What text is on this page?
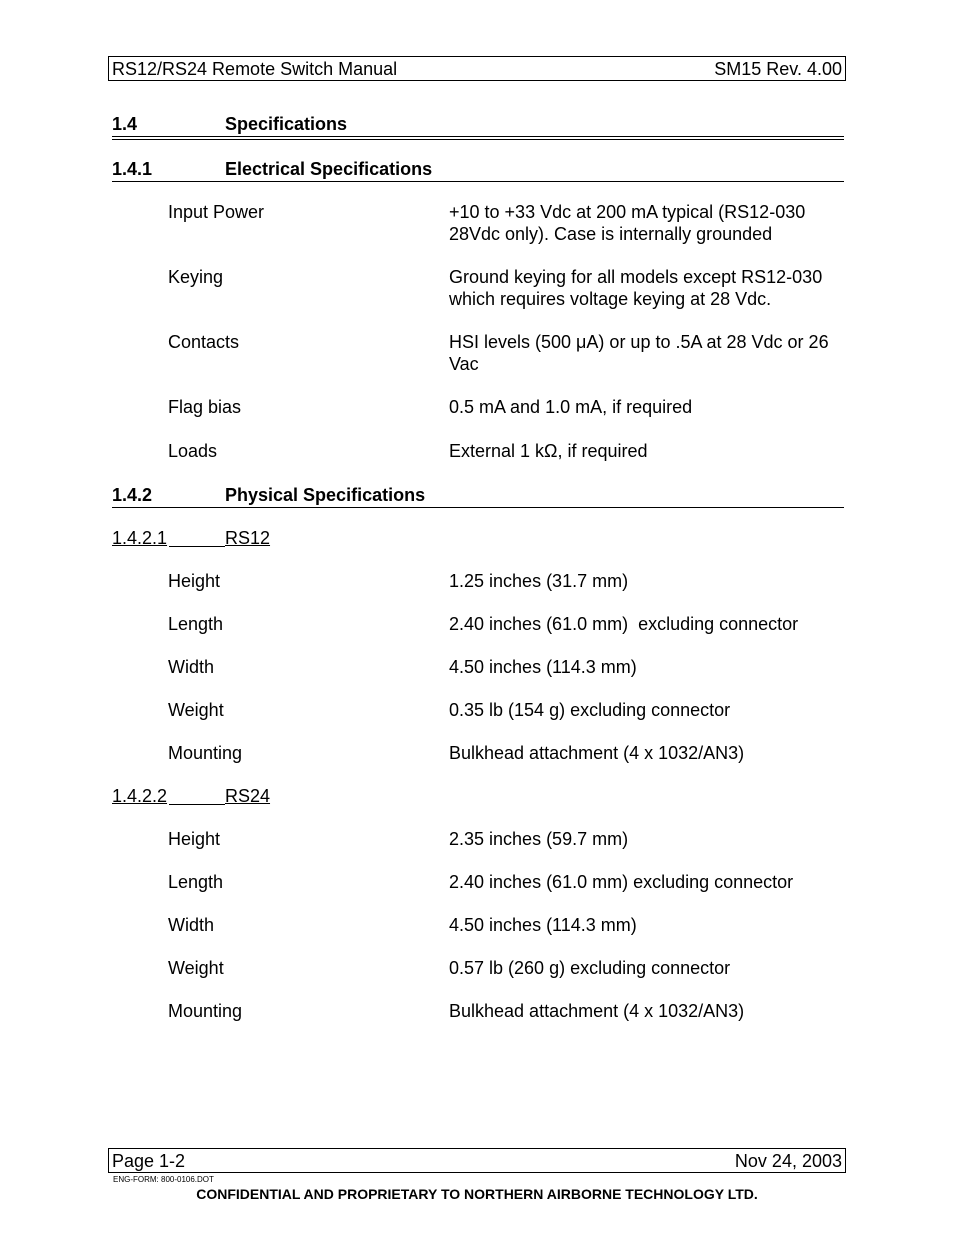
RS12/RS24 Remote Switch Manual	SM15 Rev. 4.00
1.4	Specifications
1.4.1	Electrical Specifications
Input Power	+10 to +33 Vdc at 200 mA typical (RS12-030 28Vdc only). Case is internally grounded
Keying	Ground keying for all models except RS12-030 which requires voltage keying at 28 Vdc.
Contacts	HSI levels (500 μA) or up to .5A at 28 Vdc or 26 Vac
Flag bias	0.5 mA and 1.0 mA, if required
Loads	External 1 kΩ, if required
1.4.2	Physical Specifications
1.4.2.1	RS12
Height	1.25 inches (31.7 mm)
Length	2.40 inches (61.0 mm)  excluding connector
Width	4.50 inches (114.3 mm)
Weight	0.35 lb (154 g) excluding connector
Mounting	Bulkhead attachment (4 x 1032/AN3)
1.4.2.2	RS24
Height	2.35 inches (59.7 mm)
Length	2.40 inches (61.0 mm) excluding connector
Width	4.50 inches (114.3 mm)
Weight	0.57 lb (260 g) excluding connector
Mounting	Bulkhead attachment (4 x 1032/AN3)
Page 1-2	Nov 24, 2003
ENG-FORM: 800-0106.DOT
CONFIDENTIAL AND PROPRIETARY TO NORTHERN AIRBORNE TECHNOLOGY LTD.
